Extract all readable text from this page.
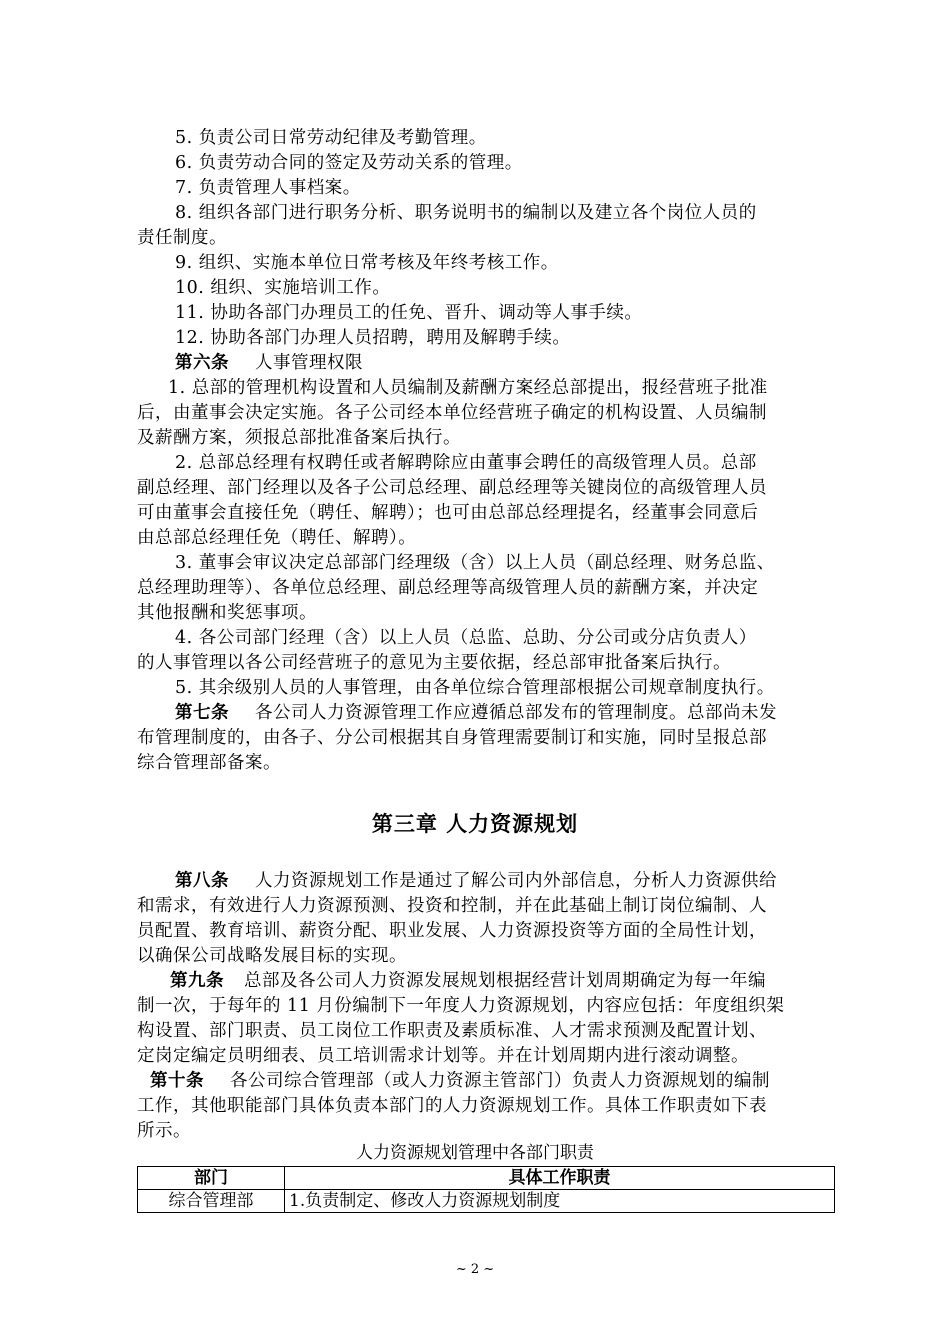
5. 负责公司日常劳动纪律及考勤管理。
6. 负责劳动合同的签定及劳动关系的管理。
7. 负责管理人事档案。
8. 组织各部门进行职务分析、职务说明书的编制以及建立各个岗位人员的
责任制度。
9. 组织、实施本单位日常考核及年终考核工作。
10. 组织、实施培训工作。
11. 协助各部门办理员工的任免、晋升、调动等人事手续。
12. 协助各部门办理人员招聘，聘用及解聘手续。
第六条 人事管理权限
1. 总部的管理机构设置和人员编制及薪酬方案经总部提出，报经营班子批准
后，由董事会决定实施。各子公司经本单位经营班子确定的机构设置、人员编制
及薪酬方案，须报总部批准备案后执行。
2. 总部总经理有权聘任或者解聘除应由董事会聘任的高级管理人员。总部
副总经理、部门经理以及各子公司总经理、副总经理等关键岗位的高级管理人员
可由董事会直接任免（聘任、解聘）；也可由总部总经理提名，经董事会同意后
由总部总经理任免（聘任、解聘）。
3. 董事会审议决定总部部门经理级（含）以上人员（副总经理、财务总监、
总经理助理等）、各单位总经理、副总经理等高级管理人员的薪酬方案，并决定
其他报酬和奖惩事项。
4. 各公司部门经理（含）以上人员（总监、总助、分公司或分店负责人）
的人事管理以各公司经营班子的意见为主要依据，经总部审批备案后执行。
5. 其余级别人员的人事管理，由各单位综合管理部根据公司规章制度执行。
第七条 各公司人力资源管理工作应遵循总部发布的管理制度。总部尚未发
布管理制度的，由各子、分公司根据其自身管理需要制订和实施，同时呈报总部
综合管理部备案。
第三章 人力资源规划
第八条 人力资源规划工作是通过了解公司内外部信息，分析人力资源供给
和需求，有效进行人力资源预测、投资和控制，并在此基础上制订岗位编制、人
员配置、教育培训、薪资分配、职业发展、人力资源投资等方面的全局性计划，
以确保公司战略发展目标的实现。
第九条 总部及各公司人力资源发展规划根据经营计划周期确定为每一年编
制一次，于每年的 11 月份编制下一年度人力资源规划，内容应包括：年度组织架
构设置、部门职责、员工岗位工作职责及素质标准、人才需求预测及配置计划、
定岗定编定员明细表、员工培训需求计划等。并在计划周期内进行滚动调整。
第十条 各公司综合管理部（或人力资源主管部门）负责人力资源规划的编制
工作，其他职能部门具体负责本部门的人力资源规划工作。具体工作职责如下表
所示。
人力资源规划管理中各部门职责
部门	具体工作职责
综合管理部	1.负责制定、修改人力资源规划制度
~ 2 ~
